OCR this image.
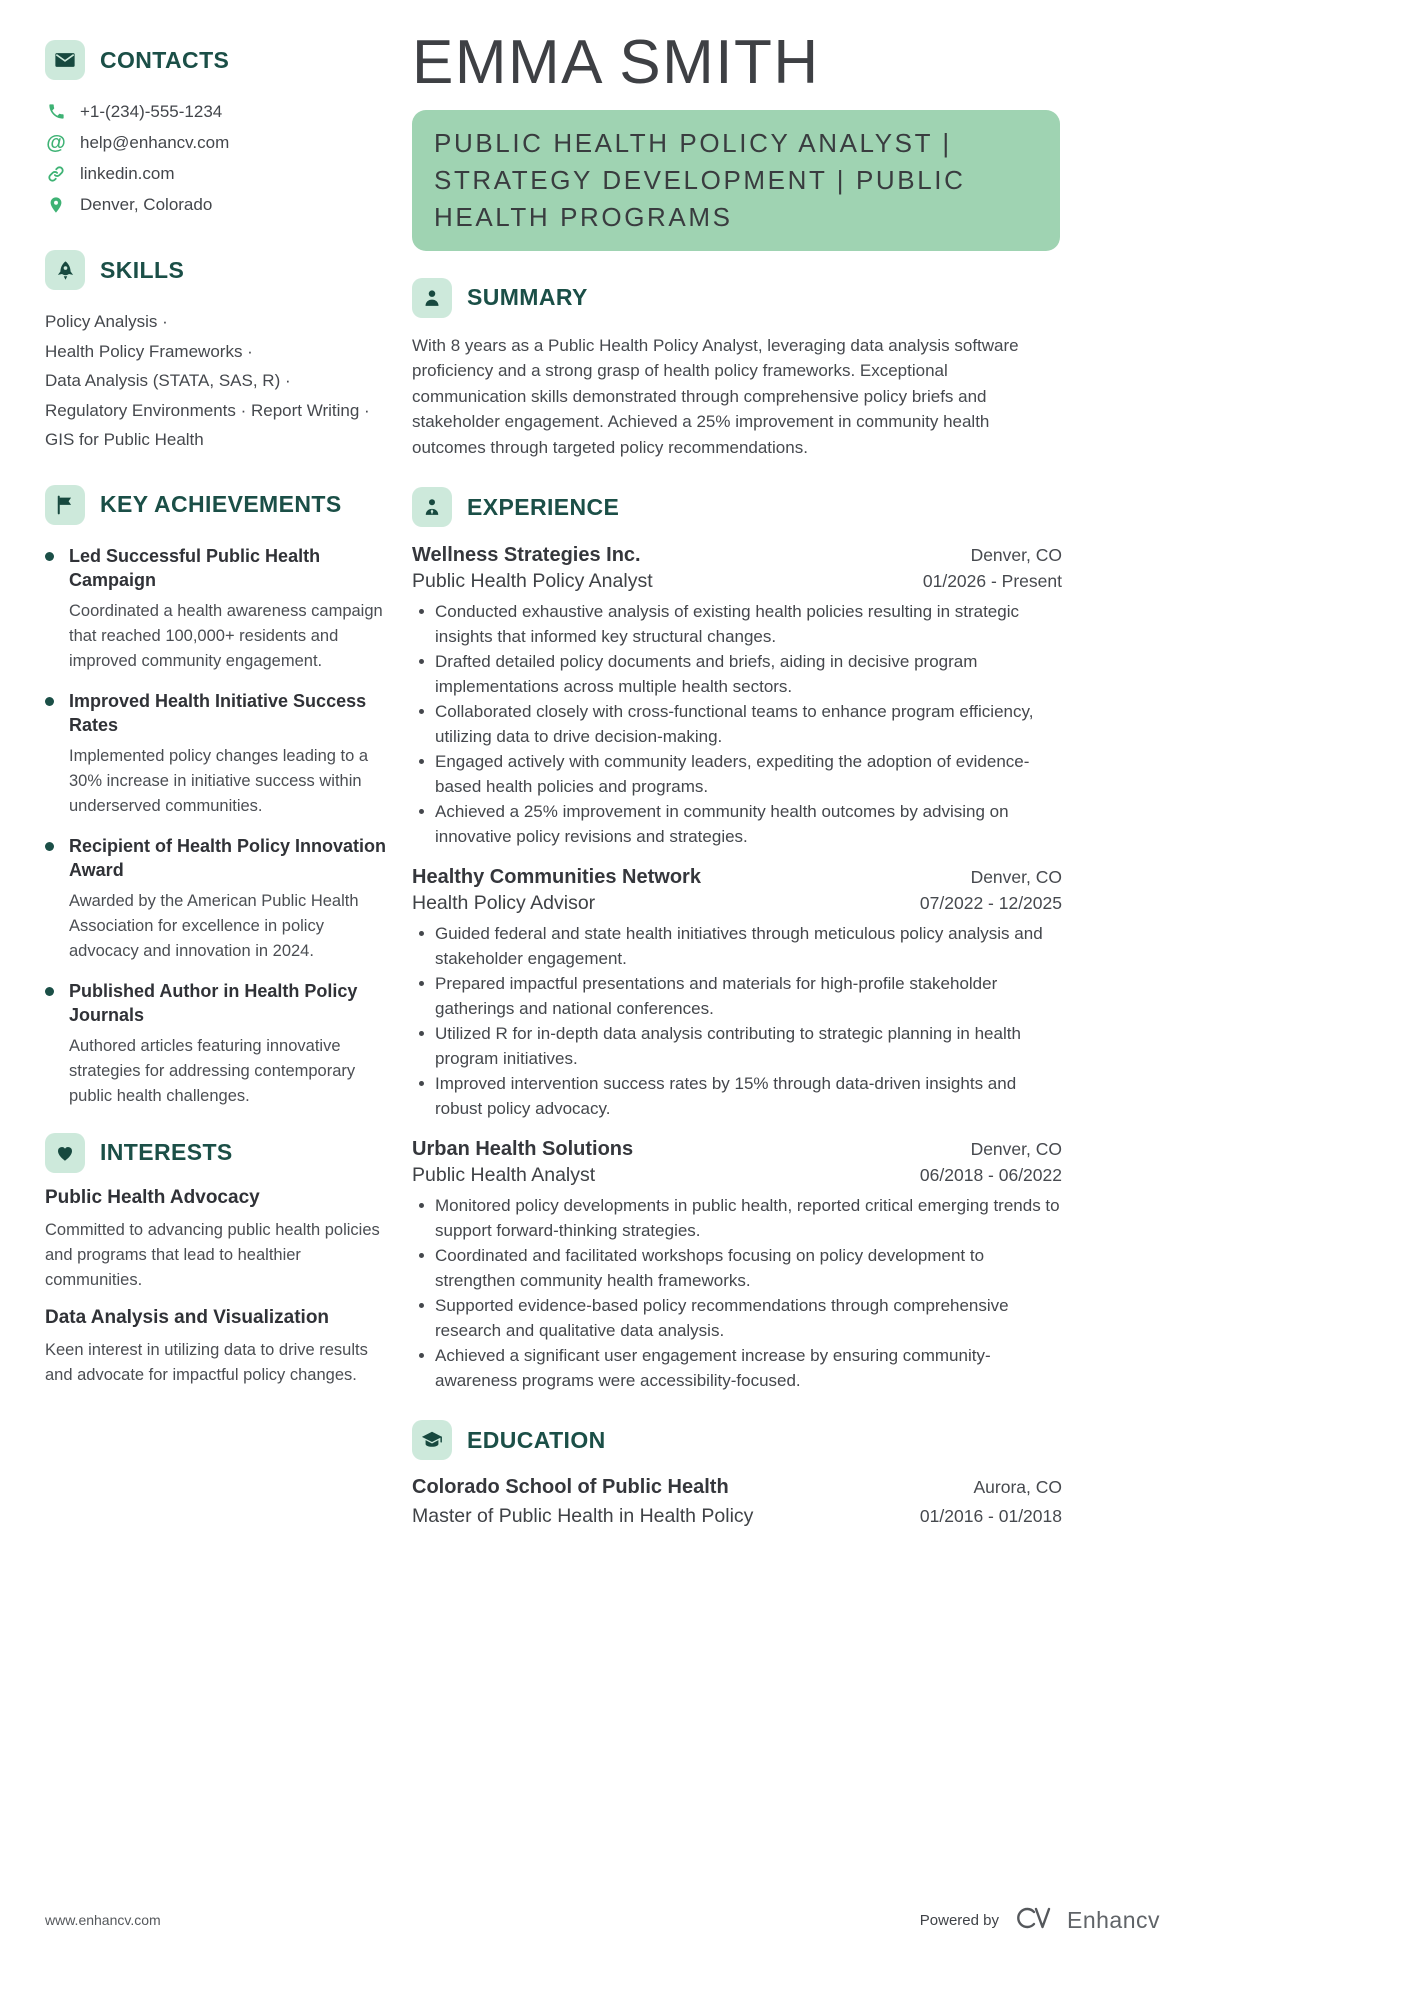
CONTACTS
+1-(234)-555-1234
@ help@enhancv.com
linkedin.com
Denver, Colorado
SKILLS
Policy Analysis ·
Health Policy Frameworks ·
Data Analysis (STATA, SAS, R) ·
Regulatory Environments · Report Writing ·
GIS for Public Health
KEY ACHIEVEMENTS

Led Successful Public Health Campaign

Coordinated a health awareness campaign that reached 100,000+ residents and improved community engagement.

Improved Health Initiative Success Rates

Implemented policy changes leading to a 30% increase in initiative success within underserved communities.

Recipient of Health Policy Innovation Award

Awarded by the American Public Health Association for excellence in policy advocacy and innovation in 2024.

Published Author in Health Policy Journals

Authored articles featuring innovative strategies for addressing contemporary public health challenges.

INTERESTS

Public Health Advocacy

Committed to advancing public health policies and programs that lead to healthier communities.

Data Analysis and Visualization

Keen interest in utilizing data to drive results and advocate for impactful policy changes.

EMMA SMITH
PUBLIC HEALTH POLICY ANALYST | STRATEGY DEVELOPMENT | PUBLIC HEALTH PROGRAMS
SUMMARY

With 8 years as a Public Health Policy Analyst, leveraging data analysis software proficiency and a strong grasp of health policy frameworks. Exceptional communication skills demonstrated through comprehensive policy briefs and stakeholder engagement. Achieved a 25% improvement in community health outcomes through targeted policy recommendations.

EXPERIENCE
Wellness Strategies Inc.	Denver, CO
Public Health Policy Analyst	01/2026 - Present
Conducted exhaustive analysis of existing health policies resulting in strategic insights that informed key structural changes.
Drafted detailed policy documents and briefs, aiding in decisive program implementations across multiple health sectors.
Collaborated closely with cross-functional teams to enhance program efficiency, utilizing data to drive decision-making.
Engaged actively with community leaders, expediting the adoption of evidence-based health policies and programs.
Achieved a 25% improvement in community health outcomes by advising on innovative policy revisions and strategies.
Healthy Communities Network	Denver, CO
Health Policy Advisor	07/2022 - 12/2025
Guided federal and state health initiatives through meticulous policy analysis and stakeholder engagement.
Prepared impactful presentations and materials for high-profile stakeholder gatherings and national conferences.
Utilized R for in-depth data analysis contributing to strategic planning in health program initiatives.
Improved intervention success rates by 15% through data-driven insights and robust policy advocacy.
Urban Health Solutions	Denver, CO
Public Health Analyst	06/2018 - 06/2022
Monitored policy developments in public health, reported critical emerging trends to support forward-thinking strategies.
Coordinated and facilitated workshops focusing on policy development to strengthen community health frameworks.
Supported evidence-based policy recommendations through comprehensive research and qualitative data analysis.
Achieved a significant user engagement increase by ensuring community-awareness programs were accessibility-focused.
EDUCATION
Colorado School of Public Health	Aurora, CO
Master of Public Health in Health Policy	01/2016 - 01/2018
www.enhancv.com	Powered by	Enhancv
